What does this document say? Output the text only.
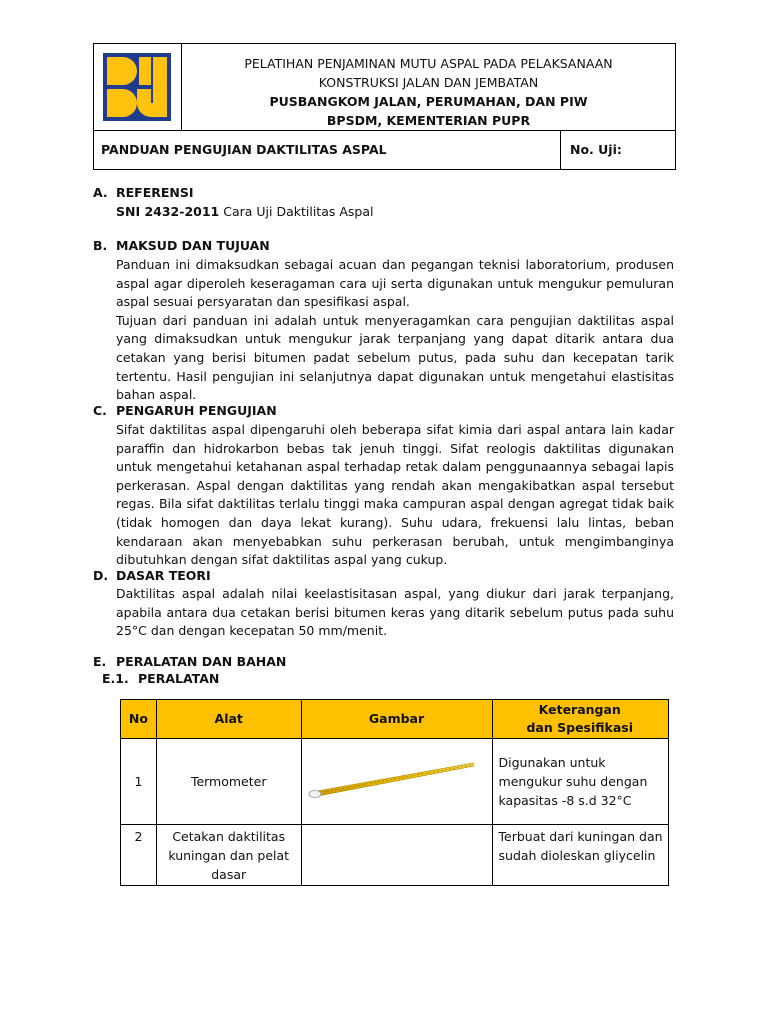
PELATIHAN PENJAMINAN MUTU ASPAL PADA PELAKSANAAN
KONSTRUKSI JALAN DAN JEMBATAN
PUSBANGKOM JALAN, PERUMAHAN, DAN PIW
BPSDM, KEMENTERIAN PUPR
PANDUAN PENGUJIAN DAKTILITAS ASPAL	No. Uji:
A. REFERENSI
SNI 2432-2011 Cara Uji Daktilitas Aspal
B. MAKSUD DAN TUJUAN

Panduan ini dimaksudkan sebagai acuan dan pegangan teknisi laboratorium, produsen aspal agar diperoleh keseragaman cara uji serta digunakan untuk mengukur pemuluran aspal sesuai persyaratan dan spesifikasi aspal.

Tujuan dari panduan ini adalah untuk menyeragamkan cara pengujian daktilitas aspal yang dimaksudkan untuk mengukur jarak terpanjang yang dapat ditarik antara dua cetakan yang berisi bitumen padat sebelum putus, pada suhu dan kecepatan tarik tertentu. Hasil pengujian ini selanjutnya dapat digunakan untuk mengetahui elastisitas bahan aspal.

C. PENGARUH PENGUJIAN

Sifat daktilitas aspal dipengaruhi oleh beberapa sifat kimia dari aspal antara lain kadar paraffin dan hidrokarbon bebas tak jenuh tinggi. Sifat reologis daktilitas digunakan untuk mengetahui ketahanan aspal terhadap retak dalam penggunaannya sebagai lapis perkerasan. Aspal dengan daktilitas yang rendah akan mengakibatkan aspal tersebut regas. Bila sifat daktilitas terlalu tinggi maka campuran aspal dengan agregat tidak baik (tidak homogen dan daya lekat kurang). Suhu udara, frekuensi lalu lintas, beban kendaraan akan menyebabkan suhu perkerasan berubah, untuk mengimbanginya dibutuhkan dengan sifat daktilitas aspal yang cukup.

D. DASAR TEORI

Daktilitas aspal adalah nilai keelastisitasan aspal, yang diukur dari jarak terpanjang, apabila antara dua cetakan berisi bitumen keras yang ditarik sebelum putus pada suhu 25°C dan dengan kecepatan 50 mm/menit.

E. PERALATAN DAN BAHAN
E.1. PERALATAN
No	Alat	Gambar	Keterangan
dan Spesifikasi

1	Termometer		Digunakan untuk mengukur suhu dengan kapasitas -8 s.d 32°C
2	Cetakan daktilitas kuningan dan pelat dasar		Terbuat dari kuningan dan sudah dioleskan gliycelin
